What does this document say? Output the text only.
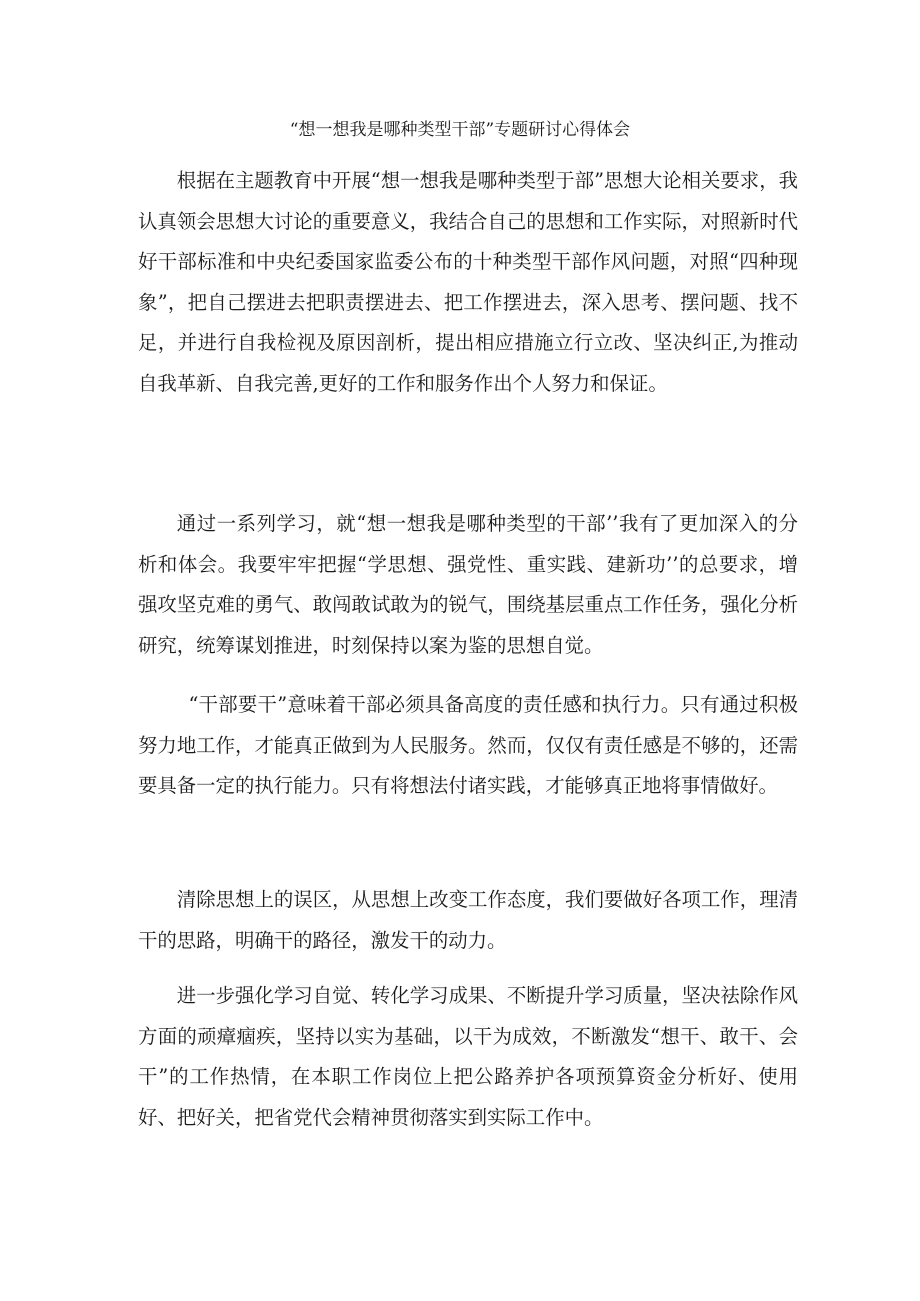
“想一想我是哪种类型干部”专题研讨心得体会

根据在主题教育中开展“想一想我是哪种类型于部”思想大论相关要求，我认真领会思想大讨论的重要意义，我结合自己的思想和工作实际，对照新时代好干部标准和中央纪委国家监委公布的十种类型干部作风问题，对照“四种现象”，把自己摆进去把职责摆进去、把工作摆进去，深入思考、摆问题、找不足，并进行自我检视及原因剖析，提出相应措施立行立改、坚决纠正,为推动自我革新、自我完善,更好的工作和服务作出个人努力和保证。

通过一系列学习，就“想一想我是哪种类型的干部’’我有了更加深入的分析和体会。我要牢牢把握“学思想、强党性、重实践、建新功’’的总要求，增强攻坚克难的勇气、敢闯敢试敢为的锐气，围绕基层重点工作任务，强化分析研究，统筹谋划推进，时刻保持以案为鉴的思想自觉。

“干部要干”意味着干部必须具备高度的责任感和执行力。只有通过积极努力地工作，才能真正做到为人民服务。然而，仅仅有责任感是不够的，还需要具备一定的执行能力。只有将想法付诸实践，才能够真正地将事情做好。

清除思想上的误区，从思想上改变工作态度，我们要做好各项工作，理清干的思路，明确干的路径，激发干的动力。

进一步强化学习自觉、转化学习成果、不断提升学习质量，坚决祛除作风方面的顽瘴痼疾，坚持以实为基础，以干为成效，不断激发“想干、敢干、会干”的工作热情，在本职工作岗位上把公路养护各项预算资金分析好、使用好、把好关，把省党代会精神贯彻落实到实际工作中。
